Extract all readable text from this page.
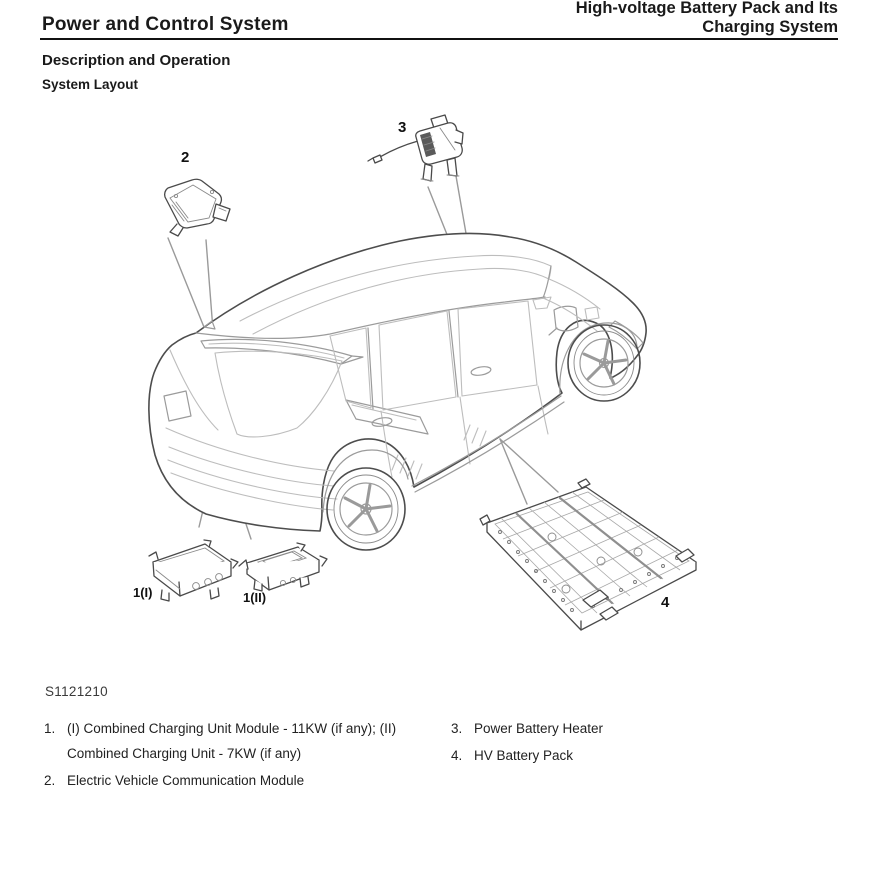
Power and Control System
High-voltage Battery Pack and Its
Charging System
Description and Operation
System Layout
2
3
1(I)	1(II)	4
S1121210
1. (I) Combined Charging Unit Module - 11KW (if any); (II) Combined Charging Unit - 7KW (if any)
2. Electric Vehicle Communication Module
3. Power Battery Heater
4. HV Battery Pack
